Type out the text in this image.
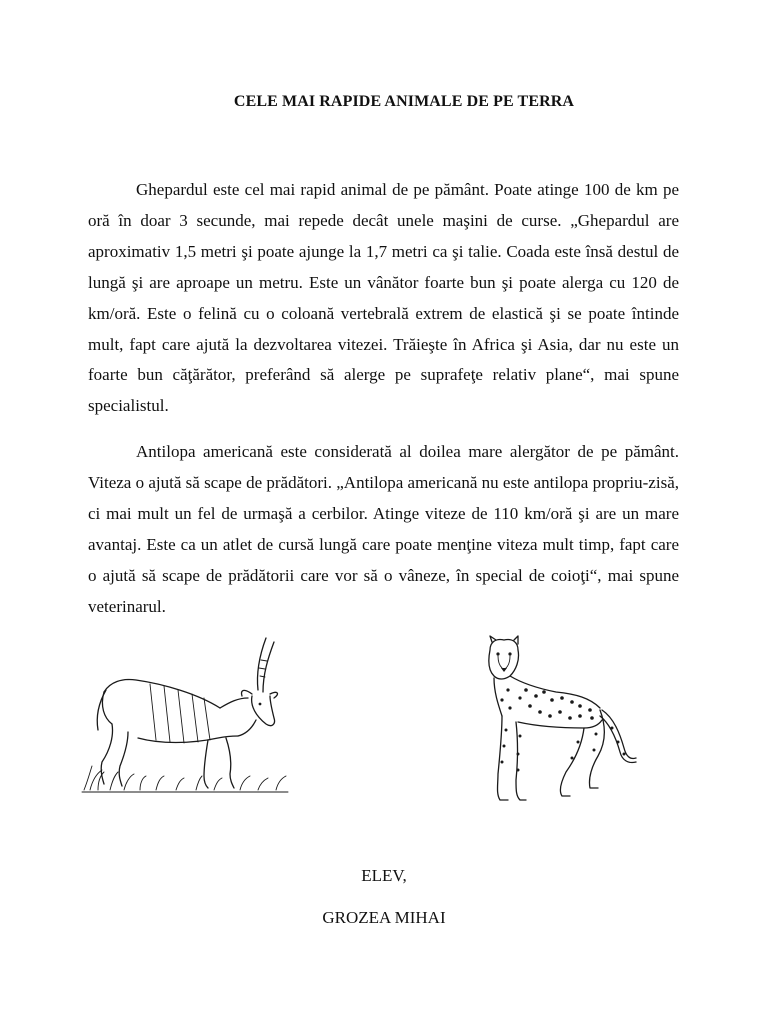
CELE MAI RAPIDE ANIMALE DE PE TERRA

Ghepardul este cel mai rapid animal de pe pământ. Poate atinge 100 de km pe oră în doar 3 secunde, mai repede decât unele maşini de curse. „Ghepardul are aproximativ 1,5 metri şi poate ajunge la 1,7 metri ca şi talie. Coada este însă destul de lungă şi are aproape un metru. Este un vânător foarte bun şi poate alerga cu 120 de km/oră. Este o felină cu o coloană vertebrală extrem de elastică şi se poate întinde mult, fapt care ajută la dezvoltarea vitezei. Trăieşte în Africa şi Asia, dar nu este un foarte bun căţărător, preferând să alerge pe suprafeţe relativ plane“, mai spune specialistul.

Antilopa americană este considerată al doilea mare alergător de pe pământ. Viteza o ajută să scape de prădători. „Antilopa americană nu este antilopa propriu-zisă, ci mai mult un fel de urmaşă a cerbilor. Atinge viteze de 110 km/oră şi are un mare avantaj. Este ca un atlet de cursă lungă care poate menţine viteza mult timp, fapt care o ajută să scape de prădătorii care vor să o vâneze, în special de coioţi“, mai spune veterinarul.

ELEV,
GROZEA MIHAI
